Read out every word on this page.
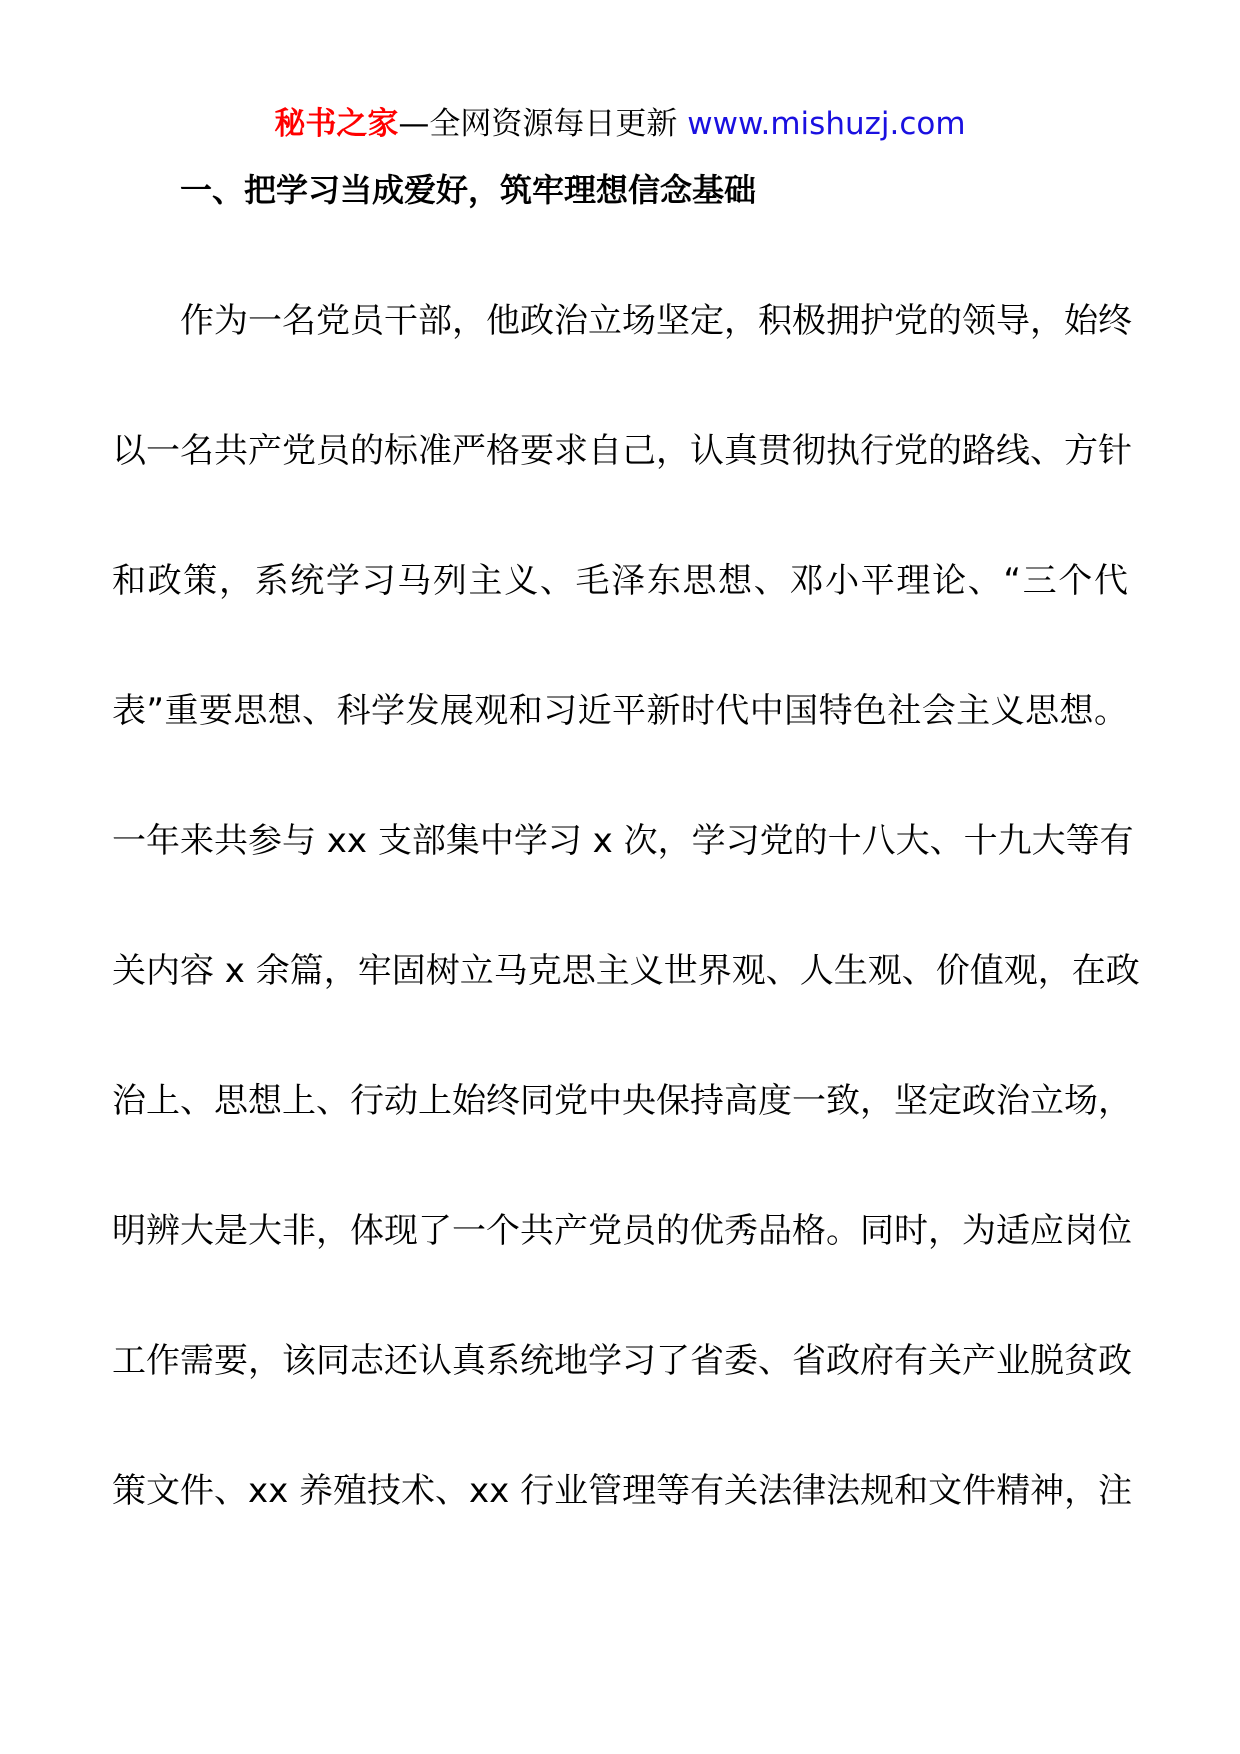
秘书之家—全网资源每日更新 www.mishuzj.com
一、把学习当成爱好，筑牢理想信念基础
作为一名党员干部，他政治立场坚定，积极拥护党的领导，始终
以一名共产党员的标准严格要求自己，认真贯彻执行党的路线、方针
和政策，系统学习马列主义、毛泽东思想、邓小平理论、“三个代
表”重要思想、科学发展观和习近平新时代中国特色社会主义思想。
一年来共参与 xx 支部集中学习 x 次，学习党的十八大、十九大等有
关内容 x 余篇，牢固树立马克思主义世界观、人生观、价值观，在政
治上、思想上、行动上始终同党中央保持高度一致，坚定政治立场，
明辨大是大非，体现了一个共产党员的优秀品格。同时，为适应岗位
工作需要，该同志还认真系统地学习了省委、省政府有关产业脱贫政
策文件、xx 养殖技术、xx 行业管理等有关法律法规和文件精神，注
